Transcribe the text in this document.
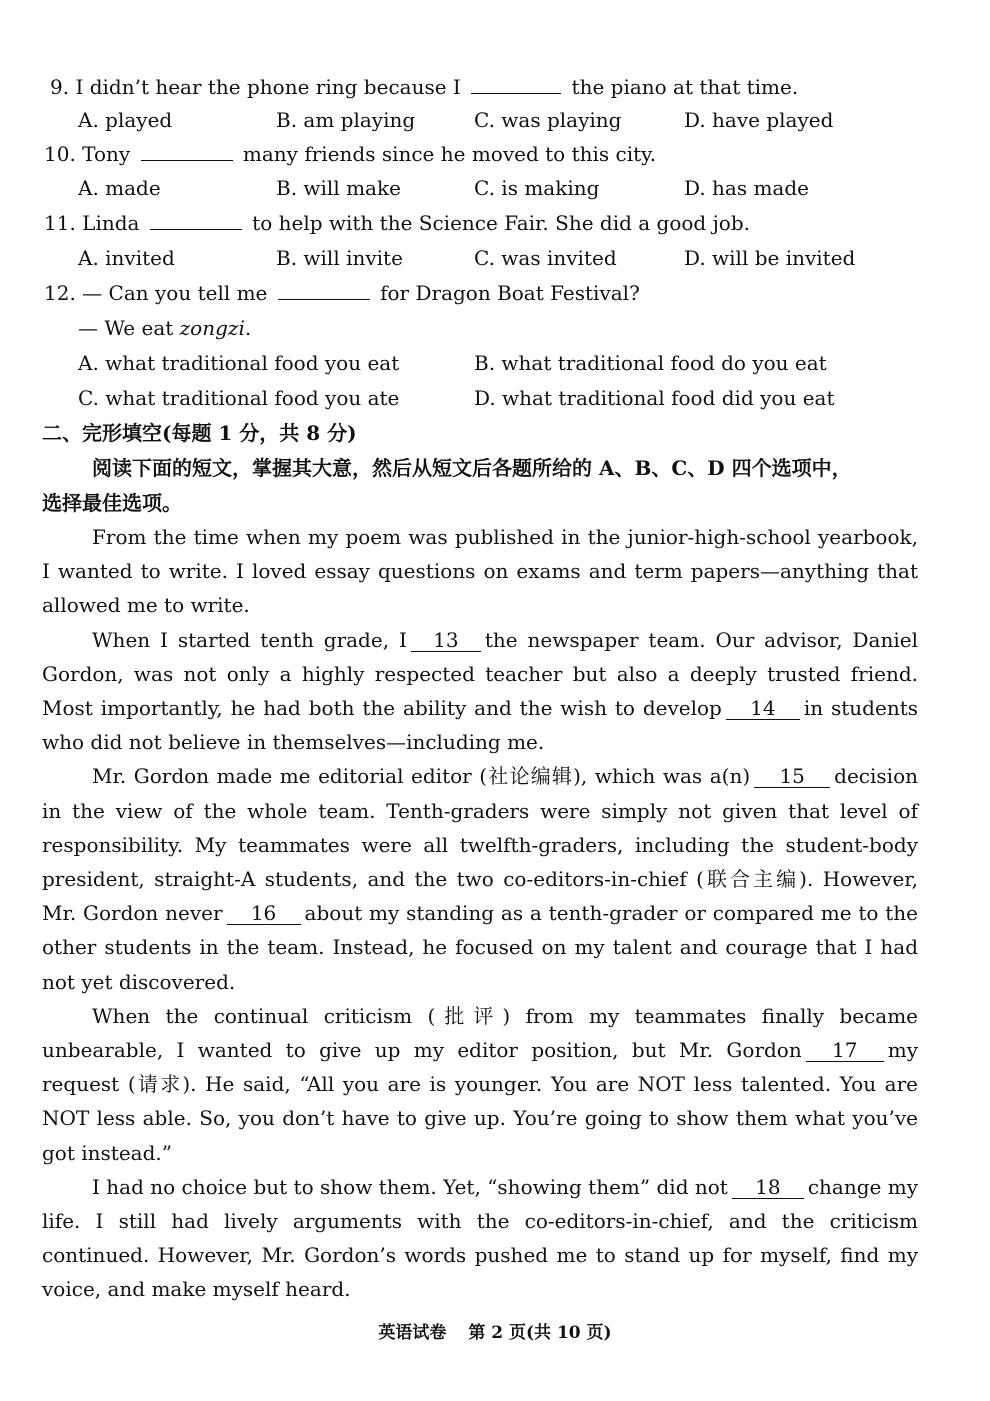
9. I didn’t hear the phone ring because I	the piano at that time.
A. played	B. am playing	C. was playing	D. have played
10. Tony	many friends since he moved to this city.
A. made	B. will make	C. is making	D. has made
11. Linda	to help with the Science Fair. She did a good job.
A. invited	B. will invite	C. was invited	D. will be invited
12. — Can you tell me	for Dragon Boat Festival?
— We eat zongzi.
A. what traditional food you eat	B. what traditional food do you eat
C. what traditional food you ate	D. what traditional food did you eat
二、完形填空(每题 1 分，共 8 分)
阅读下面的短文，掌握其大意，然后从短文后各题所给的 A、B、C、D 四个选项中，
选择最佳选项。

From the time when my poem was published in the junior-high-school yearbook, I wanted to write. I loved essay questions on exams and term papers—anything that allowed me to write.

When I started tenth grade, I 13 the newspaper team. Our advisor, Daniel Gordon, was not only a highly respected teacher but also a deeply trusted friend. Most importantly, he had both the ability and the wish to develop 14 in students who did not believe in themselves—including me.

Mr. Gordon made me editorial editor (社论编辑), which was a(n) 15 decision in the view of the whole team. Tenth-graders were simply not given that level of responsibility. My teammates were all twelfth-graders, including the student-body president, straight-A students, and the two co-editors-in-chief (联合主编). However, Mr. Gordon never 16 about my standing as a tenth-grader or compared me to the other students in the team. Instead, he focused on my talent and courage that I had not yet discovered.

When the continual criticism (批评) from my teammates finally became unbearable, I wanted to give up my editor position, but Mr. Gordon 17 my request (请求). He said, “All you are is younger. You are NOT less talented. You are NOT less able. So, you don’t have to give up. You’re going to show them what you’ve got instead.”

I had no choice but to show them. Yet, “showing them” did not 18 change my life. I still had lively arguments with the co-editors-in-chief, and the criticism continued. However, Mr. Gordon’s words pushed me to stand up for myself, find my voice, and make myself heard.

英语试卷 第 2 页(共 10 页)
